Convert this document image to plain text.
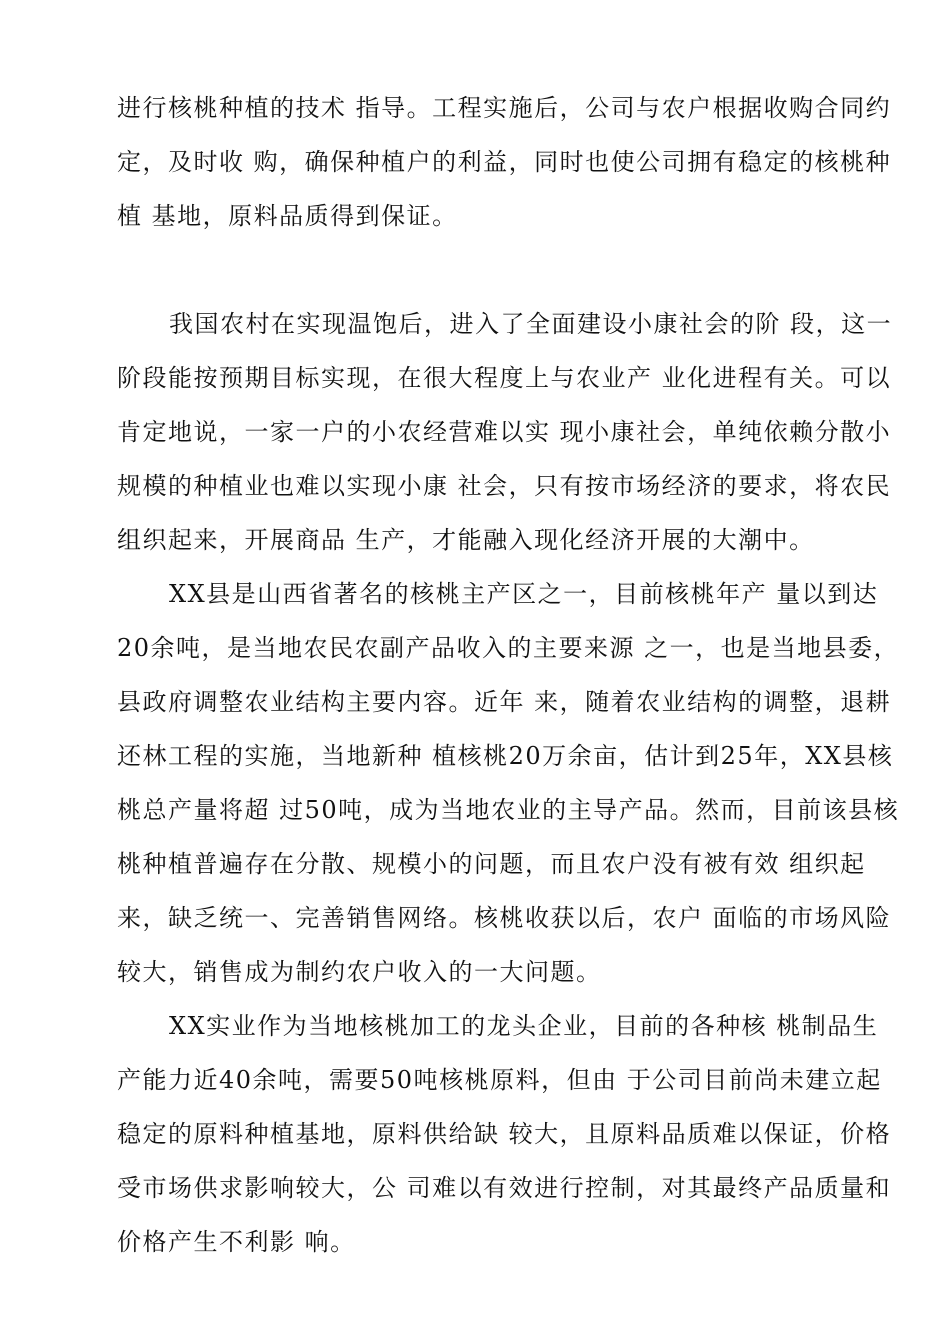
进行核桃种植的技术 指导。工程实施后，公司与农户根据收购合同约
定，及时收 购，确保种植户的利益，同时也使公司拥有稳定的核桃种
植 基地，原料品质得到保证。
我国农村在实现温饱后，进入了全面建设小康社会的阶 段，这一
阶段能按预期目标实现，在很大程度上与农业产 业化进程有关。可以
肯定地说，一家一户的小农经营难以实 现小康社会，单纯依赖分散小
规模的种植业也难以实现小康 社会，只有按市场经济的要求，将农民
组织起来，开展商品 生产，才能融入现化经济开展的大潮中。
XX县是山西省著名的核桃主产区之一，目前核桃年产 量以到达
20余吨，是当地农民农副产品收入的主要来源 之一，也是当地县委，
县政府调整农业结构主要内容。近年 来，随着农业结构的调整，退耕
还林工程的实施，当地新种 植核桃20万余亩，估计到25年，XX县核
桃总产量将超 过50吨，成为当地农业的主导产品。然而，目前该县核
桃种植普遍存在分散、规模小的问题，而且农户没有被有效 组织起
来，缺乏统一、完善销售网络。核桃收获以后，农户 面临的市场风险
较大，销售成为制约农户收入的一大问题。
XX实业作为当地核桃加工的龙头企业，目前的各种核 桃制品生
产能力近40余吨，需要50吨核桃原料，但由 于公司目前尚未建立起
稳定的原料种植基地，原料供给缺 较大，且原料品质难以保证，价格
受市场供求影响较大，公 司难以有效进行控制，对其最终产品质量和
价格产生不利影 响。
